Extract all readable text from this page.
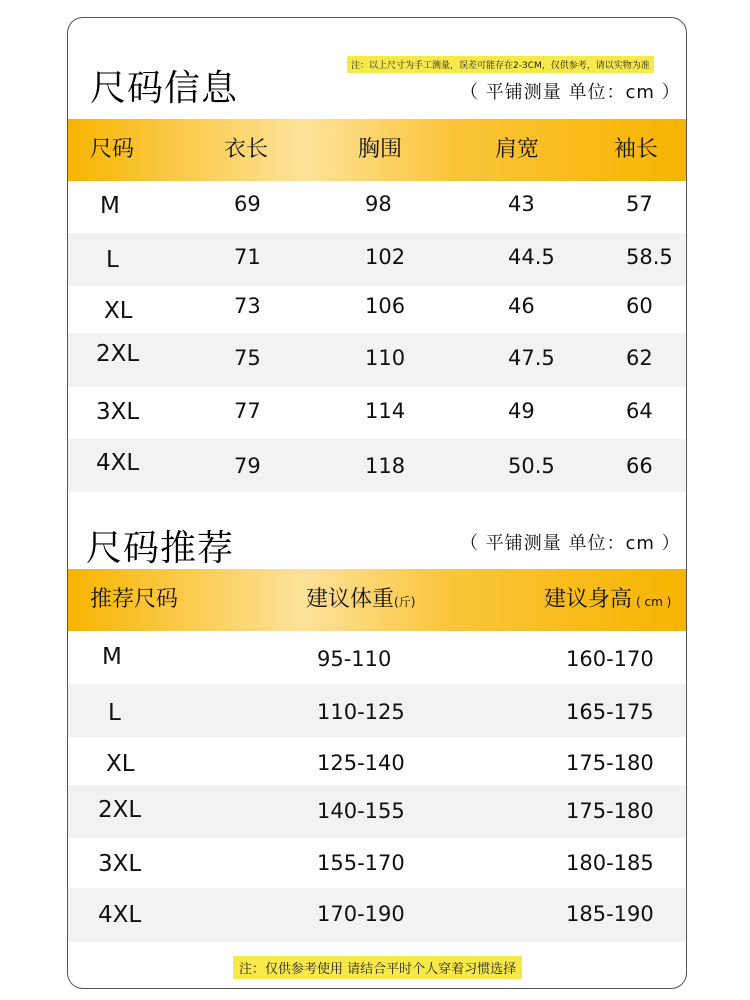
尺码信息
注：以上尺寸为手工测量，误差可能存在2-3CM，仅供参考，请以实物为准
（ 平铺测量 单位：cm ）
尺码	衣长	胸围	肩宽	袖长
M	69	98	43	57
L	71	102	44.5	58.5
XL	73	106	46	60
2XL	75	110	47.5	62
3XL	77	114	49	64
4XL	79	118	50.5	66
尺码推荐	（ 平铺测量 单位：cm ）
推荐尺码	建议体重(斤)	建议身高 ( cm )
M	95-110	160-170
L	110-125	165-175
XL	125-140	175-180
2XL	140-155	175-180
3XL	155-170	180-185
4XL	170-190	185-190
注：仅供参考使用 请结合平时个人穿着习惯选择
